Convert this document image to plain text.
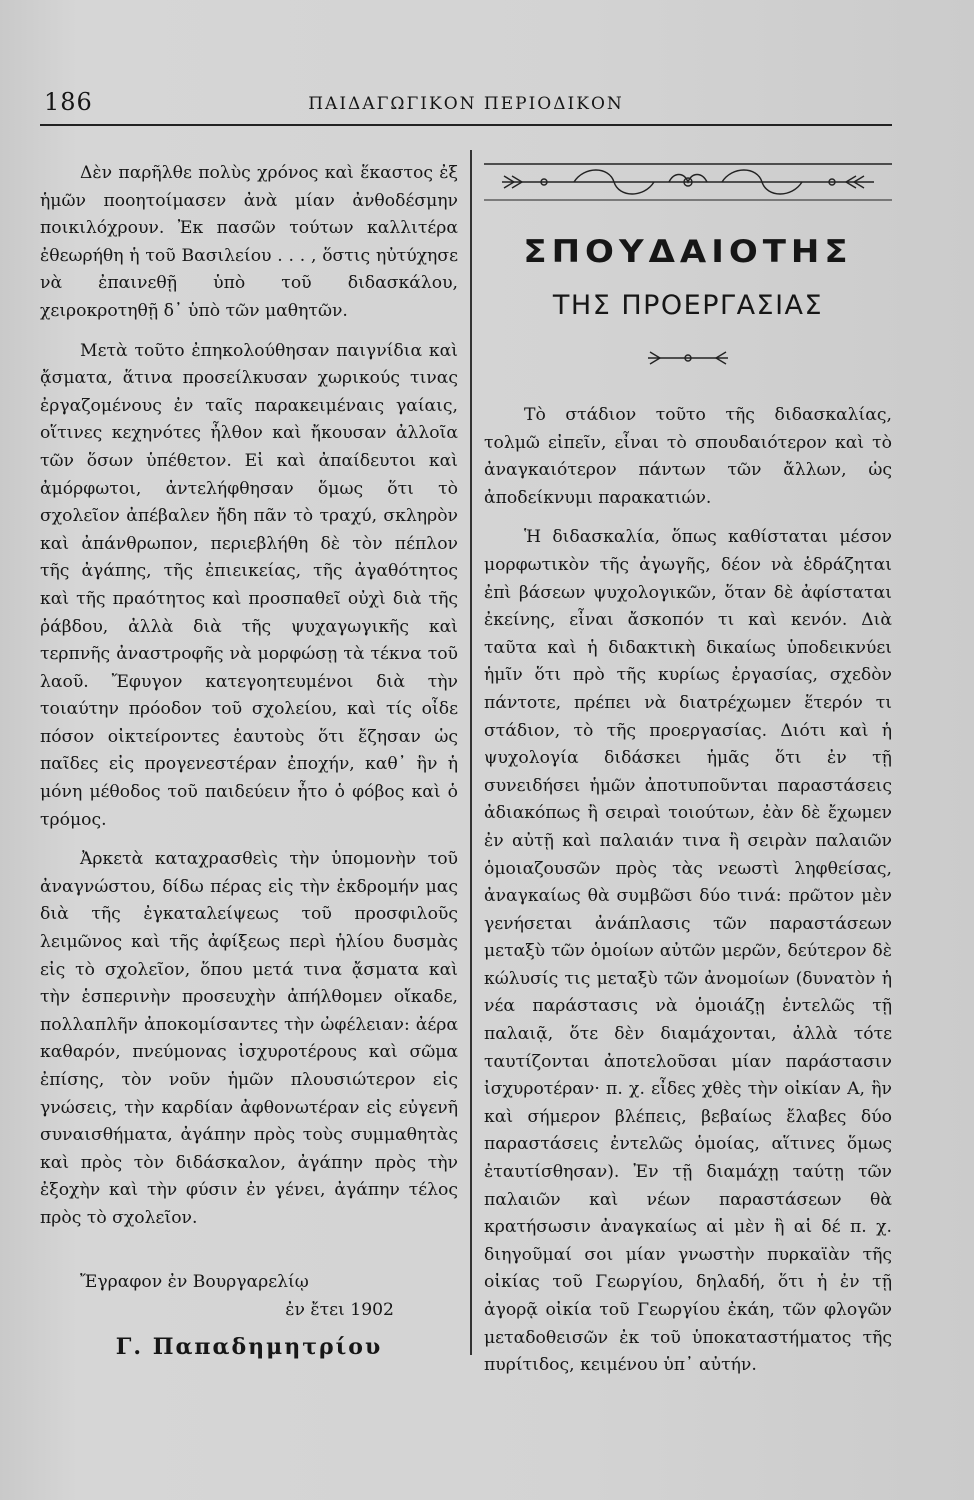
186	ΠΑΙΔΑΓΩΓΙΚΟΝ ΠΕΡΙΟΔΙΚΟΝ

Δὲν παρῆλθε πολὺς χρόνος καὶ ἕκαστος ἐξ ἡμῶν ποοητοίμασεν ἀνὰ μίαν ἀνθοδέσμην ποικιλόχρουν. Ἐκ πασῶν τούτων καλλιτέρα ἐθεωρήθη ἡ τοῦ Βασιλείου . . . , ὅστις ηὐτύχησε νὰ ἐπαινεθῇ ὑπὸ τοῦ διδασκάλου, χειροκροτηθῇ δ᾽ ὑπὸ τῶν μαθητῶν.

Μετὰ τοῦτο ἐπηκολούθησαν παιγνίδια καὶ ᾄσματα, ἅτινα προσείλκυσαν χωρικούς τινας ἐργαζομένους ἐν ταῖς παρακειμέναις γαίαις, οἵτινες κεχηνότες ἦλθον καὶ ἤκουσαν ἀλλοῖα τῶν ὅσων ὑπέθετον. Εἰ καὶ ἀπαίδευτοι καὶ ἀμόρφωτοι, ἀντελήφθησαν ὅμως ὅτι τὸ σχολεῖον ἀπέβαλεν ἤδη πᾶν τὸ τραχύ, σκληρὸν καὶ ἀπάνθρωπον, περιεβλήθη δὲ τὸν πέπλον τῆς ἀγάπης, τῆς ἐπιεικείας, τῆς ἀγαθότητος καὶ τῆς πραότητος καὶ προσπαθεῖ οὐχὶ διὰ τῆς ῥάβδου, ἀλλὰ διὰ τῆς ψυχαγωγικῆς καὶ τερπνῆς ἀναστροφῆς νὰ μορφώσῃ τὰ τέκνα τοῦ λαοῦ. Ἔφυγον κατεγοητευμένοι διὰ τὴν τοιαύτην πρόοδον τοῦ σχολείου, καὶ τίς οἶδε πόσον οἰκτείροντες ἑαυτοὺς ὅτι ἔζησαν ὡς παῖδες εἰς προγενεστέραν ἐποχήν, καθ᾽ ἣν ἡ μόνη μέθοδος τοῦ παιδεύειν ἦτο ὁ φόβος καὶ ὁ τρόμος.

Ἀρκετὰ καταχρασθεὶς τὴν ὑπομονὴν τοῦ ἀναγνώστου, δίδω πέρας εἰς τὴν ἐκδρομήν μας διὰ τῆς ἐγκαταλείψεως τοῦ προσφιλοῦς λειμῶνος καὶ τῆς ἀφίξεως περὶ ἡλίου δυσμὰς εἰς τὸ σχολεῖον, ὅπου μετά τινα ᾄσματα καὶ τὴν ἑσπερινὴν προσευχὴν ἀπήλθομεν οἴκαδε, πολλαπλῆν ἀποκομίσαντες τὴν ὠφέλειαν: ἀέρα καθαρόν, πνεύμονας ἰσχυροτέρους καὶ σῶμα ἐπίσης, τὸν νοῦν ἡμῶν πλουσιώτερον εἰς γνώσεις, τὴν καρδίαν ἀφθονωτέραν εἰς εὐγενῆ συναισθήματα, ἀγάπην πρὸς τοὺς συμμαθητὰς καὶ πρὸς τὸν διδάσκαλον, ἀγάπην πρὸς τὴν ἐξοχὴν καὶ τὴν φύσιν ἐν γένει, ἀγάπην τέλος πρὸς τὸ σχολεῖον.

Ἔγραφον ἐν Βουργαρελίῳ
ἐν ἔτει 1902
Γ. Παπαδημητρίου
ΣΠΟΥΔΑΙΟΤΗΣ
ΤΗΣ ΠΡΟΕΡΓΑΣΙΑΣ

Τὸ στάδιον τοῦτο τῆς διδασκαλίας, τολμῶ εἰπεῖν, εἶναι τὸ σπουδαιότερον καὶ τὸ ἀναγκαιότερον πάντων τῶν ἄλλων, ὡς ἀποδείκνυμι παρακατιών.

Ἡ διδασκαλία, ὅπως καθίσταται μέσον μορφωτικὸν τῆς ἀγωγῆς, δέον νὰ ἑδράζηται ἐπὶ βάσεων ψυχολογικῶν, ὅταν δὲ ἀφίσταται ἐκείνης, εἶναι ἄσκοπόν τι καὶ κενόν. Διὰ ταῦτα καὶ ἡ διδακτικὴ δικαίως ὑποδεικνύει ἡμῖν ὅτι πρὸ τῆς κυρίως ἐργασίας, σχεδὸν πάντοτε, πρέπει νὰ διατρέχωμεν ἕτερόν τι στάδιον, τὸ τῆς προεργασίας. Διότι καὶ ἡ ψυχολογία διδάσκει ἡμᾶς ὅτι ἐν τῇ συνειδήσει ἡμῶν ἀποτυποῦνται παραστάσεις ἀδιακόπως ἢ σειραὶ τοιούτων, ἐὰν δὲ ἔχωμεν ἐν αὐτῇ καὶ παλαιάν τινα ἢ σειρὰν παλαιῶν ὁμοιαζουσῶν πρὸς τὰς νεωστὶ ληφθείσας, ἀναγκαίως θὰ συμβῶσι δύο τινά: πρῶτον μὲν γενήσεται ἀνάπλασις τῶν παραστάσεων μεταξὺ τῶν ὁμοίων αὐτῶν μερῶν, δεύτερον δὲ κώλυσίς τις μεταξὺ τῶν ἀνομοίων (δυνατὸν ἡ νέα παράστασις νὰ ὁμοιάζῃ ἐντελῶς τῇ παλαιᾷ, ὅτε δὲν διαμάχονται, ἀλλὰ τότε ταυτίζονται ἀποτελοῦσαι μίαν παράστασιν ἰσχυροτέραν· π. χ. εἶδες χθὲς τὴν οἰκίαν Α, ἣν καὶ σήμερον βλέπεις, βεβαίως ἔλαβες δύο παραστάσεις ἐντελῶς ὁμοίας, αἵτινες ὅμως ἐταυτίσθησαν). Ἐν τῇ διαμάχῃ ταύτῃ τῶν παλαιῶν καὶ νέων παραστάσεων θὰ κρατήσωσιν ἀναγκαίως αἱ μὲν ἢ αἱ δέ π. χ. διηγοῦμαί σοι μίαν γνωστὴν πυρκαϊὰν τῆς οἰκίας τοῦ Γεωργίου, δηλαδή, ὅτι ἡ ἐν τῇ ἀγορᾷ οἰκία τοῦ Γεωργίου ἐκάη, τῶν φλογῶν μεταδοθεισῶν ἐκ τοῦ ὑποκαταστήματος τῆς πυρίτιδος, κειμένου ὑπ᾽ αὐτήν.
